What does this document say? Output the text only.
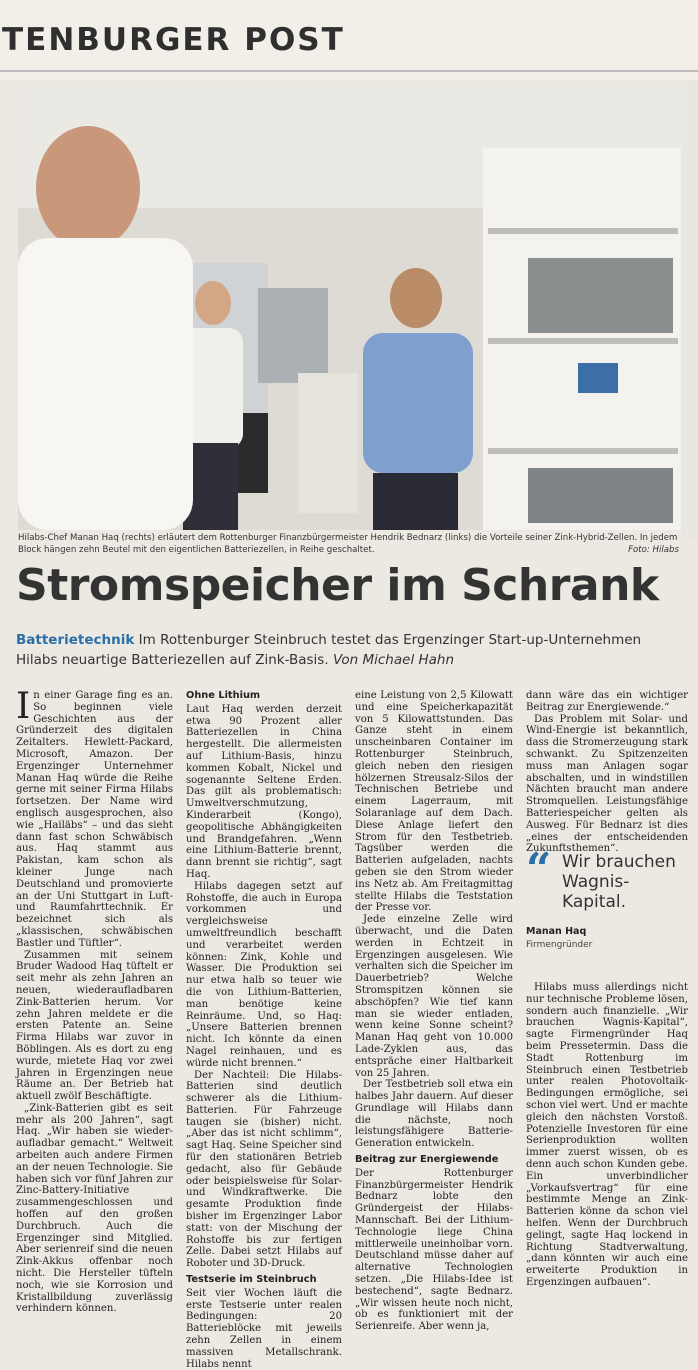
TENBURGER POST
Hilabs-Chef Manan Haq (rechts) erläutert dem Rottenburger Finanzbürgermeister Hendrik Bednarz (links) die Vorteile seiner Zink-Hybrid-Zellen. In jedem Block hängen zehn Beutel mit den eigentlichen Batteriezellen, in Reihe geschaltet.	Foto: Hilabs
Stromspeicher im Schrank
Batterietechnik Im Rottenburger Steinbruch testet das Ergenzinger Start-up-Unternehmen Hilabs neuartige Batteriezellen auf Zink-Basis. Von Michael Hahn

In einer Garage fing es an. So beginnen viele Geschichten aus der Gründerzeit des digitalen Zeitalters. Hewlett-Packard, Microsoft, Amazon. Der Ergenzinger Unternehmer Manan Haq würde die Reihe gerne mit seiner Firma Hilabs fortsetzen. Der Name wird englisch ausgesprochen, also wie „Hailäbs“ – und das sieht dann fast schon Schwäbisch aus. Haq stammt aus Pakistan, kam schon als kleiner Junge nach Deutschland und promovierte an der Uni Stuttgart in Luft- und Raumfahrttechnik. Er bezeichnet sich als „klassischen, schwäbischen Bastler und Tüftler“.

Zusammen mit seinem Bruder Wadood Haq tüftelt er seit mehr als zehn Jahren an neuen, wiederaufladbaren Zink-Batterien herum. Vor zehn Jahren meldete er die ersten Patente an. Seine Firma Hilabs war zuvor in Böblingen. Als es dort zu eng wurde, mietete Haq vor zwei Jahren in Ergenzingen neue Räume an. Der Betrieb hat aktuell zwölf Beschäftigte.

„Zink-Batterien gibt es seit mehr als 200 Jahren“, sagt Haq. „Wir haben sie wieder-aufladbar gemacht.“ Weltweit arbeiten auch andere Firmen an der neuen Technologie. Sie haben sich vor fünf Jahren zur Zinc-Battery-Initiative zusammengeschlossen und hoffen auf den großen Durchbruch. Auch die Ergenzinger sind Mitglied. Aber serienreif sind die neuen Zink-Akkus offenbar noch nicht. Die Hersteller tüfteln noch, wie sie Korrosion und Kristallbildung zuverlässig verhindern können.

Ohne Lithium

Laut Haq werden derzeit etwa 90 Prozent aller Batteriezellen in China hergestellt. Die allermeisten auf Lithium-Basis, hinzu kommen Kobalt, Nickel und sogenannte Seltene Erden. Das gilt als problematisch: Umweltverschmutzung, Kinderarbeit (Kongo), geopolitische Abhängigkeiten und Brandgefahren. „Wenn eine Lithium-Batterie brennt, dann brennt sie richtig“, sagt Haq.

Hilabs dagegen setzt auf Rohstoffe, die auch in Europa vorkommen und vergleichsweise umweltfreundlich beschafft und verarbeitet werden können: Zink, Kohle und Wasser. Die Produktion sei nur etwa halb so teuer wie die von Lithium-Batterien, man benötige keine Reinräume. Und, so Haq: „Unsere Batterien brennen nicht. Ich könnte da einen Nagel reinhauen, und es würde nicht brennen.“

Der Nachteil: Die Hilabs-Batterien sind deutlich schwerer als die Lithium-Batterien. Für Fahrzeuge taugen sie (bisher) nicht. „Aber das ist nicht schlimm“, sagt Haq. Seine Speicher sind für den stationären Betrieb gedacht, also für Gebäude oder beispielsweise für Solar- und Windkraftwerke. Die gesamte Produktion finde bisher im Ergenzinger Labor statt: von der Mischung der Rohstoffe bis zur fertigen Zelle. Dabei setzt Hilabs auf Roboter und 3D-Druck.

Testserie im Steinbruch

Seit vier Wochen läuft die erste Testserie unter realen Bedingungen: 20 Batterieblöcke mit jeweils zehn Zellen in einem massiven Metallschrank. Hilabs nennt

eine Leistung von 2,5 Kilowatt und eine Speicherkapazität von 5 Kilowattstunden. Das Ganze steht in einem unscheinbaren Container im Rottenburger Steinbruch, gleich neben den riesigen hölzernen Streusalz-Silos der Technischen Betriebe und einem Lagerraum, mit Solaranlage auf dem Dach. Diese Anlage liefert den Strom für den Testbetrieb. Tagsüber werden die Batterien aufgeladen, nachts geben sie den Strom wieder ins Netz ab. Am Freitagmittag stellte Hilabs die Teststation der Presse vor.

Jede einzelne Zelle wird überwacht, und die Daten werden in Echtzeit in Ergenzingen ausgelesen. Wie verhalten sich die Speicher im Dauerbetrieb? Welche Stromspitzen können sie abschöpfen? Wie tief kann man sie wieder entladen, wenn keine Sonne scheint? Manan Haq geht von 10.000 Lade-Zyklen aus, das entspräche einer Haltbarkeit von 25 Jahren.

Der Testbetrieb soll etwa ein halbes Jahr dauern. Auf dieser Grundlage will Hilabs dann die nächste, noch leistungsfähigere Batterie-Generation entwickeln.

Beitrag zur Energiewende

Der Rottenburger Finanzbürgermeister Hendrik Bednarz lobte den Gründergeist der Hilabs-Mannschaft. Bei der Lithium-Technologie liege China mittlerweile uneinholbar vorn. Deutschland müsse daher auf alternative Technologien setzen. „Die Hilabs-Idee ist bestechend“, sagte Bednarz. „Wir wissen heute noch nicht, ob es funktioniert mit der Serienreife. Aber wenn ja,

dann wäre das ein wichtiger Beitrag zur Energiewende.“

Das Problem mit Solar- und Wind-Energie ist bekanntlich, dass die Stromerzeugung stark schwankt. Zu Spitzenzeiten muss man Anlagen sogar abschalten, und in windstillen Nächten braucht man andere Stromquellen. Leistungsfähige Batteriespeicher gelten als Ausweg. Für Bednarz ist dies „eines der entscheidenden Zukunftsthemen“.

“ Wir brauchen Wagnis-Kapital.
Manan Haq
Firmengründer

Hilabs muss allerdings nicht nur technische Probleme lösen, sondern auch finanzielle. „Wir brauchen Wagnis-Kapital“, sagte Firmengründer Haq beim Pressetermin. Dass die Stadt Rottenburg im Steinbruch einen Testbetrieb unter realen Photovoltaik-Bedingungen ermögliche, sei schon viel wert. Und er machte gleich den nächsten Vorstoß. Potenzielle Investoren für eine Serienproduktion wollten immer zuerst wissen, ob es denn auch schon Kunden gebe. Ein unverbindlicher „Vorkaufsvertrag“ für eine bestimmte Menge an Zink-Batterien könne da schon viel helfen. Wenn der Durchbruch gelingt, sagte Haq lockend in Richtung Stadtverwaltung, „dann könnten wir auch eine erweiterte Produktion in Ergenzingen aufbauen“.
